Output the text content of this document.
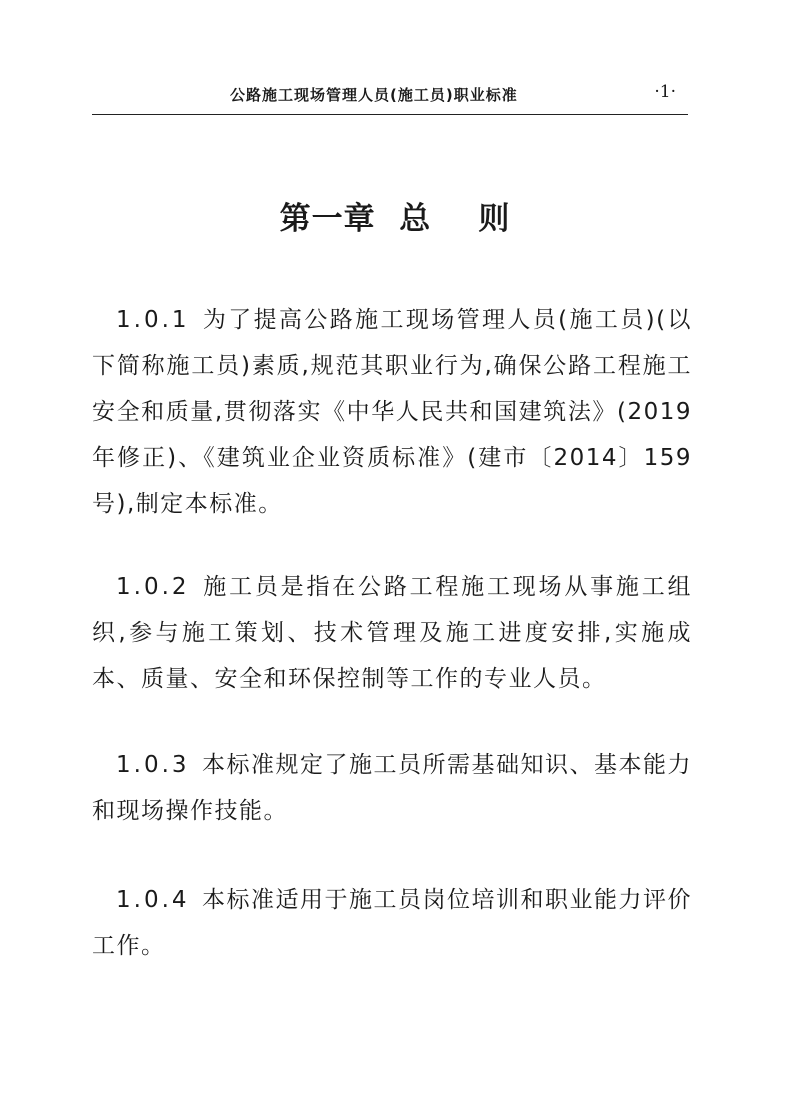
公路施工现场管理人员(施工员)职业标准	·1·
第一章  总    则
1.0.1 为了提高公路施工现场管理人员(施工员)(以下简称施工员)素质,规范其职业行为,确保公路工程施工安全和质量,贯彻落实《中华人民共和国建筑法》(2019 年修正)、《建筑业企业资质标准》(建市〔2014〕159 号),制定本标准。
1.0.2 施工员是指在公路工程施工现场从事施工组织,参与施工策划、技术管理及施工进度安排,实施成本、质量、安全和环保控制等工作的专业人员。
1.0.3 本标准规定了施工员所需基础知识、基本能力和现场操作技能。
1.0.4 本标准适用于施工员岗位培训和职业能力评价工作。
